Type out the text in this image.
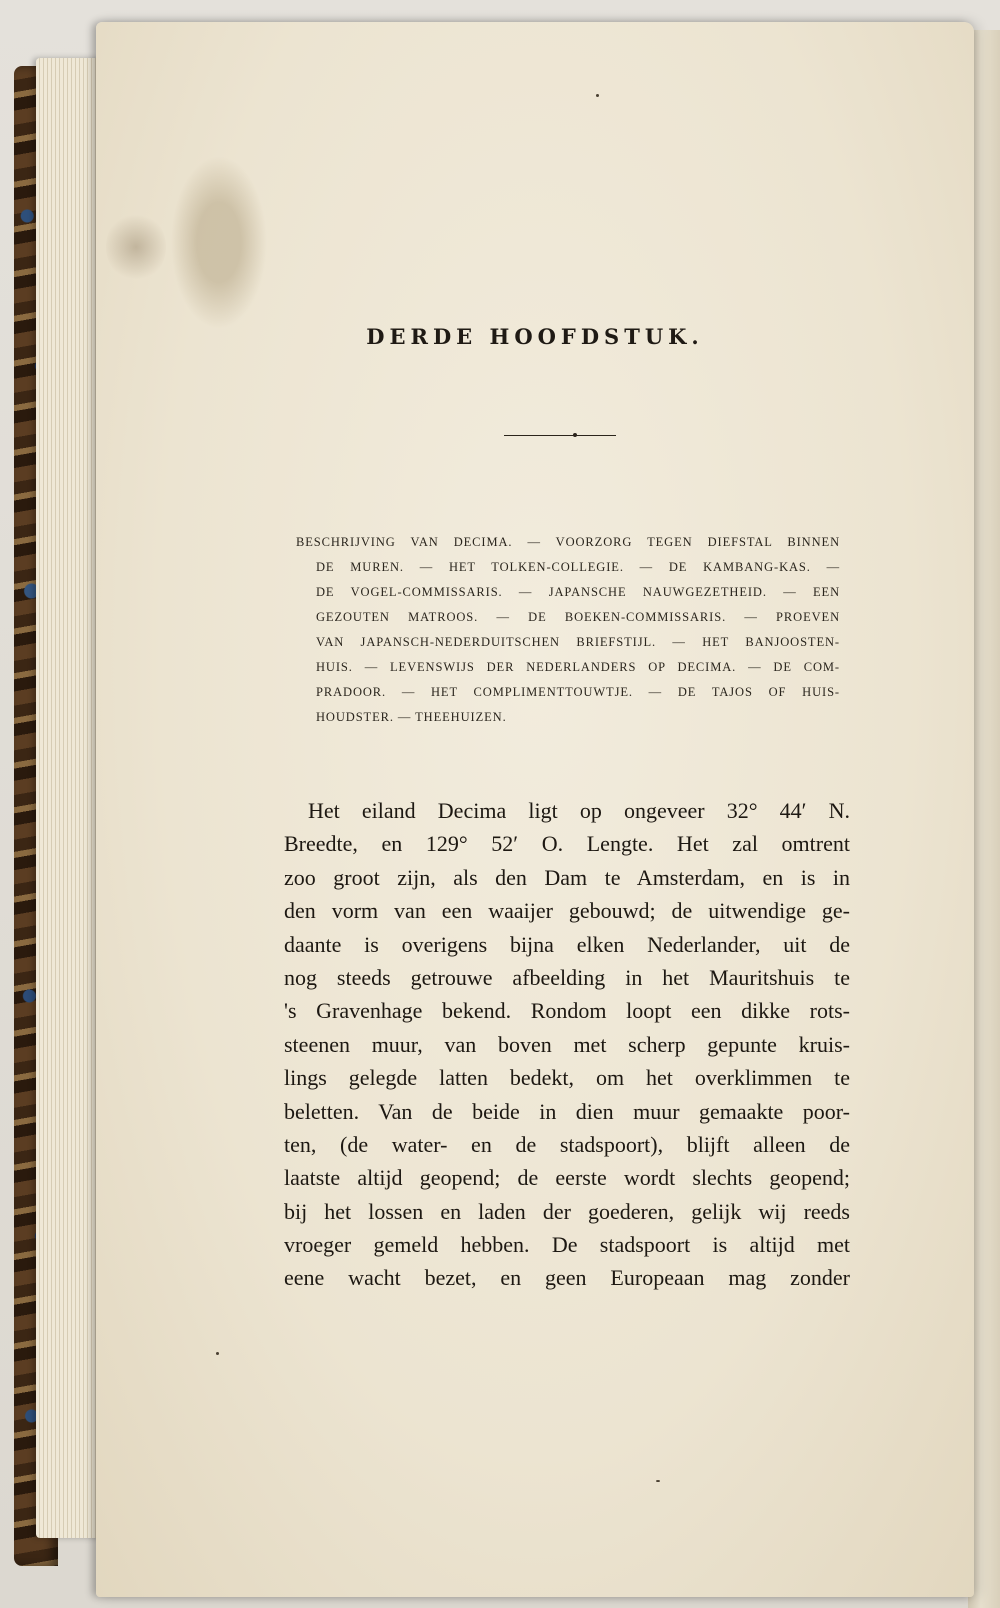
DERDE HOOFDSTUK.
BESCHRIJVING VAN DECIMA. — VOORZORG TEGEN DIEFSTAL BINNEN
DE MUREN. — HET TOLKEN-COLLEGIE. — DE KAMBANG-KAS. —
DE VOGEL-COMMISSARIS. — JAPANSCHE NAUWGEZETHEID. — EEN
GEZOUTEN MATROOS. — DE BOEKEN-COMMISSARIS. — PROEVEN
VAN JAPANSCH-NEDERDUITSCHEN BRIEFSTIJL. — HET BANJOOSTEN-
HUIS. — LEVENSWIJS DER NEDERLANDERS OP DECIMA. — DE COM-
PRADOOR. — HET COMPLIMENTTOUWTJE. — DE TAJOS OF HUIS-
HOUDSTER. — THEEHUIZEN.
Het eiland Decima ligt op ongeveer 32° 44′ N.
Breedte, en 129° 52′ O. Lengte. Het zal omtrent
zoo groot zijn, als den Dam te Amsterdam, en is in
den vorm van een waaijer gebouwd; de uitwendige ge-
daante is overigens bijna elken Nederlander, uit de
nog steeds getrouwe afbeelding in het Mauritshuis te
's Gravenhage bekend. Rondom loopt een dikke rots-
steenen muur, van boven met scherp gepunte kruis-
lings gelegde latten bedekt, om het overklimmen te
beletten. Van de beide in dien muur gemaakte poor-
ten, (de water- en de stadspoort), blijft alleen de
laatste altijd geopend; de eerste wordt slechts geopend;
bij het lossen en laden der goederen, gelijk wij reeds
vroeger gemeld hebben. De stadspoort is altijd met
eene wacht bezet, en geen Europeaan mag zonder
